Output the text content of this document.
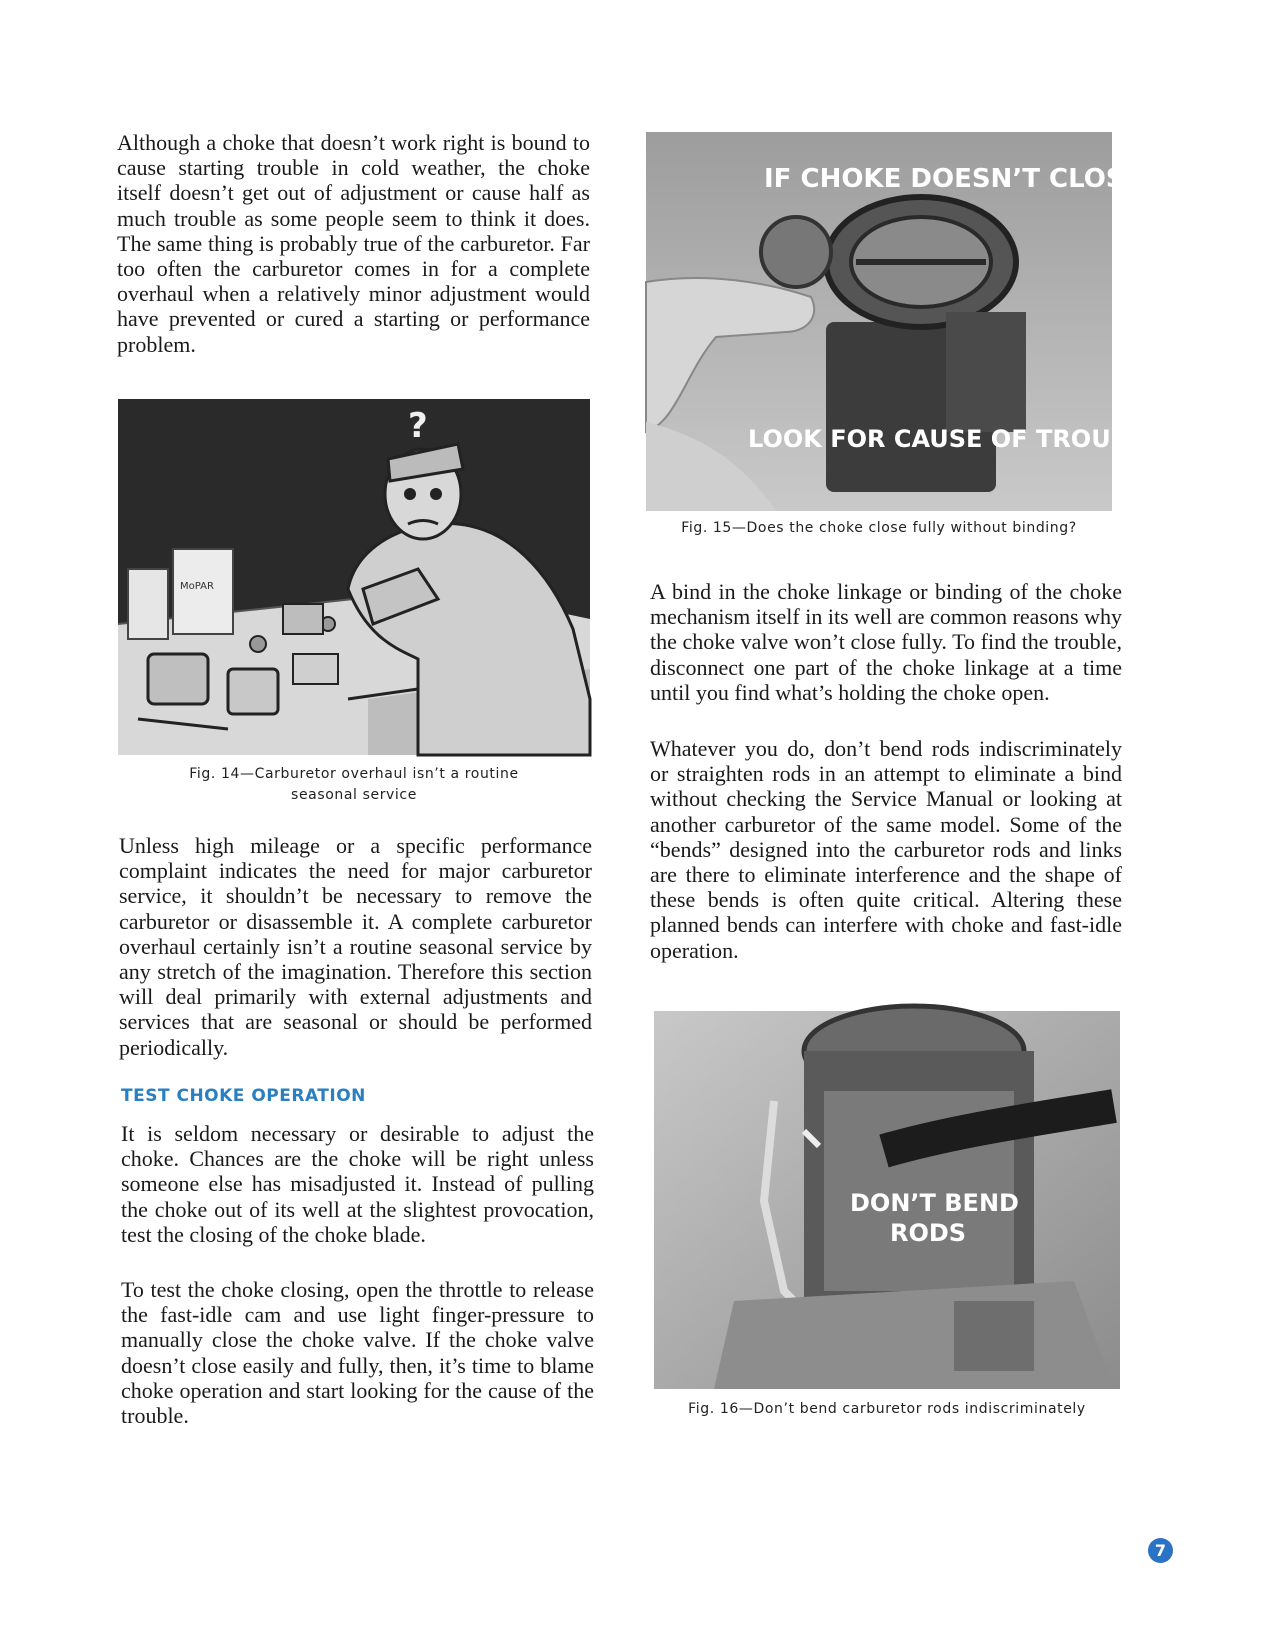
Although a choke that doesn’t work right is bound to cause starting trouble in cold weather, the choke itself doesn’t get out of adjustment or cause half as much trouble as some people seem to think it does. The same thing is probably true of the carburetor. Far too often the carburetor comes in for a complete overhaul when a relatively minor adjustment would have prevented or cured a starting or performance problem.

MoPAR
?

Fig. 14—Carburetor overhaul isn’t a routine
seasonal service

Unless high mileage or a specific performance complaint indicates the need for major carburetor service, it shouldn’t be necessary to remove the carburetor or disassemble it. A complete carburetor overhaul certainly isn’t a routine seasonal service by any stretch of the imagination. Therefore this section will deal primarily with external adjustments and services that are seasonal or should be performed periodically.

TEST CHOKE OPERATION

It is seldom necessary or desirable to adjust the choke. Chances are the choke will be right unless someone else has misadjusted it. Instead of pulling the choke out of its well at the slightest provocation, test the closing of the choke blade.

To test the choke closing, open the throttle to release the fast-idle cam and use light finger-pressure to manually close the choke valve. If the choke valve doesn’t close easily and fully, then, it’s time to blame choke operation and start looking for the cause of the trouble.

IF CHOKE DOESN’T CLOSE...
LOOK FOR CAUSE OF TROUBLE

Fig. 15—Does the choke close fully without binding?

A bind in the choke linkage or binding of the choke mechanism itself in its well are common reasons why the choke valve won’t close fully. To find the trouble, disconnect one part of the choke linkage at a time until you find what’s holding the choke open.

Whatever you do, don’t bend rods indiscriminately or straighten rods in an attempt to eliminate a bind without checking the Service Manual or looking at another carburetor of the same model. Some of the “bends” designed into the carburetor rods and links are there to eliminate interference and the shape of these bends is often quite critical. Altering these planned bends can interfere with choke and fast-idle operation.

DON’T BEND
RODS

Fig. 16—Don’t bend carburetor rods indiscriminately

7
